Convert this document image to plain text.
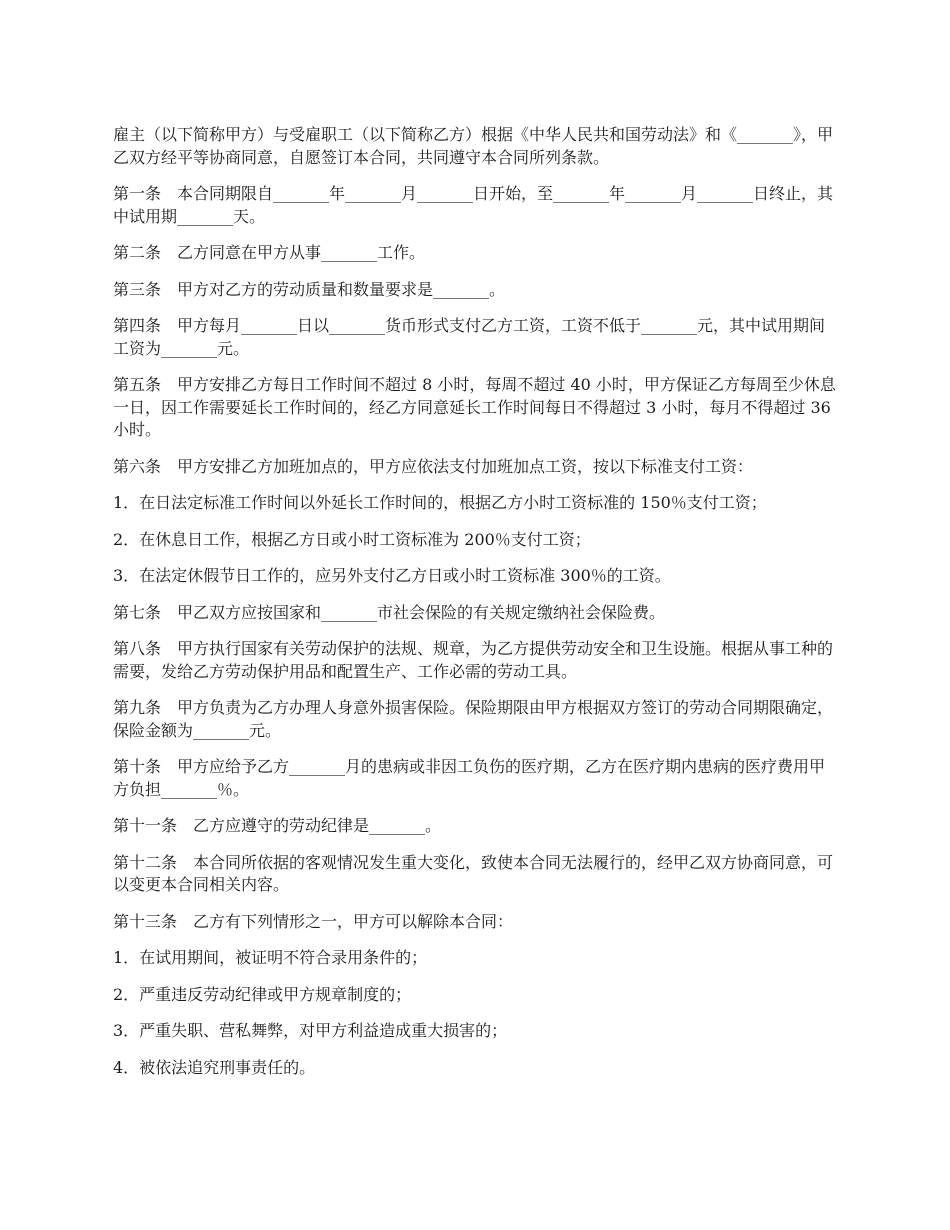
雇主（以下简称甲方）与受雇职工（以下简称乙方）根据《中华人民共和国劳动法》和《_______》，甲乙双方经平等协商同意，自愿签订本合同，共同遵守本合同所列条款。

第一条　本合同期限自_______年_______月_______日开始，至_______年_______月_______日终止，其中试用期_______天。

第二条　乙方同意在甲方从事_______工作。

第三条　甲方对乙方的劳动质量和数量要求是_______。

第四条　甲方每月_______日以_______货币形式支付乙方工资，工资不低于_______元，其中试用期间工资为_______元。

第五条　甲方安排乙方每日工作时间不超过 8 小时，每周不超过 40 小时，甲方保证乙方每周至少休息一日，因工作需要延长工作时间的，经乙方同意延长工作时间每日不得超过 3 小时，每月不得超过 36 小时。

第六条　甲方安排乙方加班加点的，甲方应依法支付加班加点工资，按以下标准支付工资：

1．在日法定标准工作时间以外延长工作时间的，根据乙方小时工资标准的 150％支付工资；

2．在休息日工作，根据乙方日或小时工资标准为 200％支付工资；

3．在法定休假节日工作的，应另外支付乙方日或小时工资标准 300％的工资。

第七条　甲乙双方应按国家和_______市社会保险的有关规定缴纳社会保险费。

第八条　甲方执行国家有关劳动保护的法规、规章，为乙方提供劳动安全和卫生设施。根据从事工种的需要，发给乙方劳动保护用品和配置生产、工作必需的劳动工具。

第九条　甲方负责为乙方办理人身意外损害保险。保险期限由甲方根据双方签订的劳动合同期限确定，保险金额为_______元。

第十条　甲方应给予乙方_______月的患病或非因工负伤的医疗期，乙方在医疗期内患病的医疗费用甲方负担_______％。

第十一条　乙方应遵守的劳动纪律是_______。

第十二条　本合同所依据的客观情况发生重大变化，致使本合同无法履行的，经甲乙双方协商同意，可以变更本合同相关内容。

第十三条　乙方有下列情形之一，甲方可以解除本合同：

1．在试用期间，被证明不符合录用条件的；

2．严重违反劳动纪律或甲方规章制度的；

3．严重失职、营私舞弊，对甲方利益造成重大损害的；

4．被依法追究刑事责任的。
